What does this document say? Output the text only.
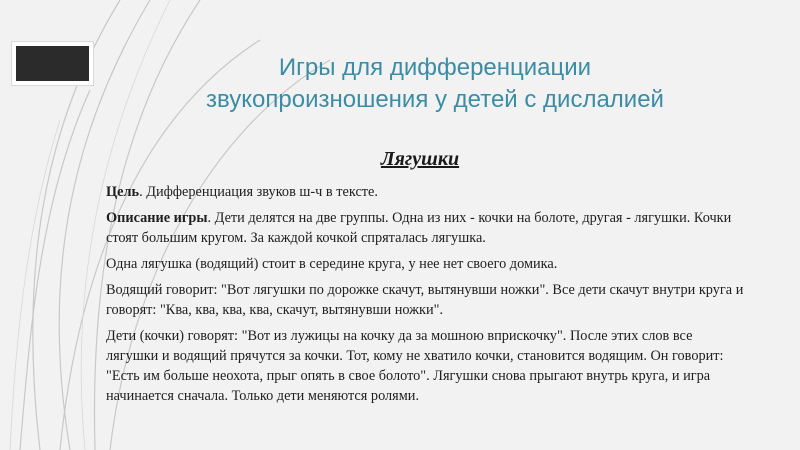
Игры для дифференциации
звукопроизношения у детей с дислалией
Лягушки

Цель. Дифференциация звуков ш-ч в тексте.

Описание игры. Дети делятся на две группы. Одна из них - кочки на болоте, другая - лягушки. Кочки стоят большим кругом. За каждой кочкой спряталась лягушка.

Одна лягушка (водящий) стоит в середине круга, у нее нет своего домика.

Водящий говорит: "Вот лягушки по дорожке скачут, вытянувши ножки". Все дети скачут внутри круга и говорят: "Ква, ква, ква, ква, скачут, вытянувши ножки".

Дети (кочки) говорят: "Вот из лужицы на кочку да за мошною вприскочку". После этих слов все лягушки и водящий прячутся за кочки. Тот, кому не хватило кочки, становится водящим. Он говорит: "Есть им больше неохота, прыг опять в свое болото". Лягушки снова прыгают внутрь круга, и игра начинается сначала. Только дети меняются ролями.
